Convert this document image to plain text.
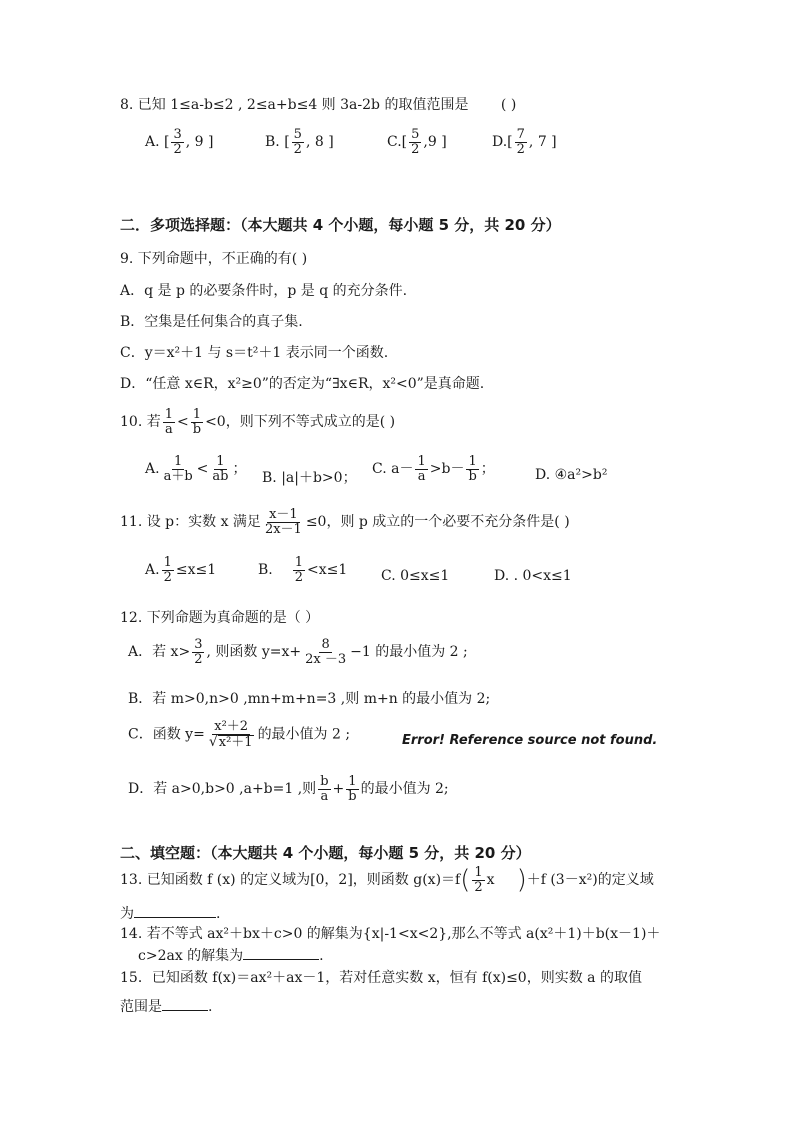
8. 已知 1≤a-b≤2 , 2≤a+b≤4 则 3a-2b 的取值范围是 ( )
A. [ $\frac{3}{2}$ , 9 ]	B. [ $\frac{5}{2}$ , 8 ]	$C.[ \frac{5}{2} ,9$ ]	$D.[ \frac{7}{2}$ , 7 ]
二．多项选择题：（本大题共 4 个小题，每小题 5 分，共 20 分）
9. 下列命题中，不正确的有( )
A．q 是 p 的必要条件时，p 是 q 的充分条件.
B．空集是任何集合的真子集.
C．y＝x²＋1 与 s＝t²＋1 表示同一个函数.
D．“任意 x∈R，x²≥0”的否定为“∃x∈R，x²<0”是真命题.
10. 若 $\frac{1}{a} < \frac{1}{b} <0$，则下列不等式成立的是( )
A. $\frac{1}{a+b} < \frac{1}{ab}$ ；
B. |a|＋b>0；
C. $a- \frac{1}{a} >b- \frac{1}{b}$ ；	D. ④a²>b²
11. 设 p：实数 x 满足 $\frac{x-1}{2x-1} \le 0$，则 p 成立的一个必要不充分条件是( )
A. $\frac{1}{2} \le x\le 1$	B. $\frac{1}{2} <x\le 1$ C. 0≤x≤1	D. . 0<x≤1
12. 下列命题为真命题的是（ ）
A．若 $x> \frac{3}{2}$ , 则函数 $y=x+ \frac{8}{2x -3} -1$ 的最小值为 2 ;
B．若 m>0,n>0 ,mn+m+n=3 ,则 m+n 的最小值为 2;
C．函数 $y= \frac{\text{x²＋2}}{\text{√x²＋1}}$ 的最小值为 2 ;	Error! Reference source not found.
D．若 a>0,b>0 ,a+b=1 ,则 $\frac{b}{a} + \frac{1}{b}$ 的最小值为 2;
二、填空题：（本大题共 4 个小题，每小题 5 分，共 20 分）
13. 已知函数 f (x) 的定义域为[0，2]，则函数 $g(x)=f( \frac{1}{2}$ x )＋f (3－x²)的定义域
为	.
14. 若不等式 ax²＋bx＋c>0 的解集为{x|-1<x<2},那么不等式 a(x²＋1)＋b(x－1)＋
c>2ax 的解集为	.
15．已知函数 f(x)＝ax²＋ax－1，若对任意实数 x，恒有 f(x)≤0，则实数 a 的取值
范围是	.
